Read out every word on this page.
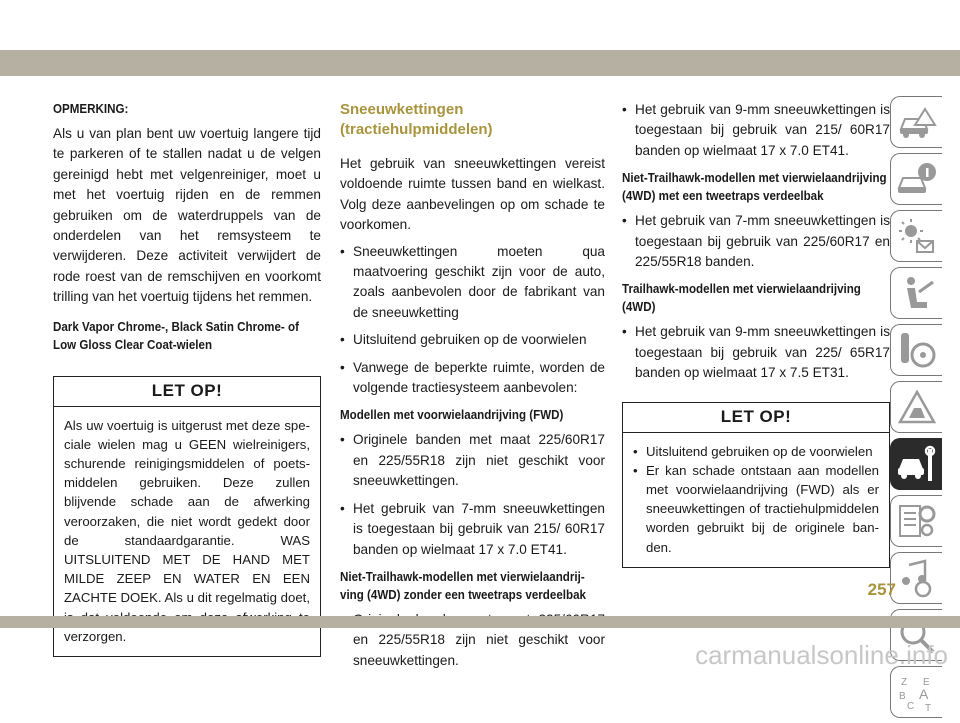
OPMERKING:

Als u van plan bent uw voertuig langere tijd te parkeren of te stallen nadat u de velgen gereinigd hebt met velgenreiniger, moet u met het voertuig rijden en de remmen gebruiken om de waterdruppels van de onderdelen van het remsysteem te verwijderen. Deze activiteit verwijdert de rode roest van de remschijven en voorkomt trilling van het voertuig tijdens het remmen.

Dark Vapor Chrome-, Black Satin Chrome- of Low Gloss Clear Coat-wielen
LET OP!

Als uw voertuig is uitgerust met deze speciale wielen mag u GEEN wielreinigers, schurende reinigingsmiddelen of poetsmiddelen gebruiken. Deze zullen blijvende schade aan de afwerking veroorzaken, die niet wordt gedekt door de standaardgarantie. WAS UITSLUITEND MET DE HAND MET MILDE ZEEP EN WATER EN EEN ZACHTE DOEK. Als u dit regelmatig doet, verzorgen.

Sneeuwkettingen (tractiehulpmiddelen)

Het gebruik van sneeuwkettingen vereist voldoende ruimte tussen band en wielkast. Volg deze aanbevelingen op om schade te voorkomen.

• Sneeuwkettingen moeten qua maatvoering geschikt zijn voor de auto, zoals aanbevolen door de fabrikant van de sneeuwketting
• Uitsluitend gebruiken op de voorwielen
• Vanwege de beperkte ruimte, worden de volgende tractiesysteem aanbevolen:
Modellen met voorwielaandrijving (FWD)
• Originele banden met maat 225/60R17 en 225/55R18 zijn niet geschikt voor sneeuwkettingen.
• Het gebruik van 7-mm sneeuwkettingen is toegestaan bij gebruik van 215/ 60R17 banden op wielmaat 17 x 7.0 ET41.
Niet-Trailhawk-modellen met vierwielaandrijving (4WD) zonder een tweetraps verdeelbak
• en 225/55R18 zijn niet geschikt voor sneeuwkettingen.
• Het gebruik van 9-mm sneeuwkettingen is toegestaan bij gebruik van 215/ 60R17 banden op wielmaat 17 x 7.0 ET41.
Niet-Trailhawk-modellen met vierwielaandrijving (4WD) met een tweetraps verdeelbak
• Het gebruik van 7-mm sneeuwkettingen is toegestaan bij gebruik van 225/60R17 en 225/55R18 banden.
Trailhawk-modellen met vierwielaandrijving (4WD)
• Het gebruik van 9-mm sneeuwkettingen is toegestaan bij gebruik van 225/ 65R17 banden op wielmaat 17 x 7.5 ET31.
LET OP!
• Uitsluitend gebruiken op de voorwielen
• Er kan schade ontstaan aan modellen met voorwielaandrijving (FWD) als er sneeuwkettingen of tractiehulpmiddelen worden gebruikt bij de originele banden.
Z E
B A
C T
257
carmanualsonline.info
